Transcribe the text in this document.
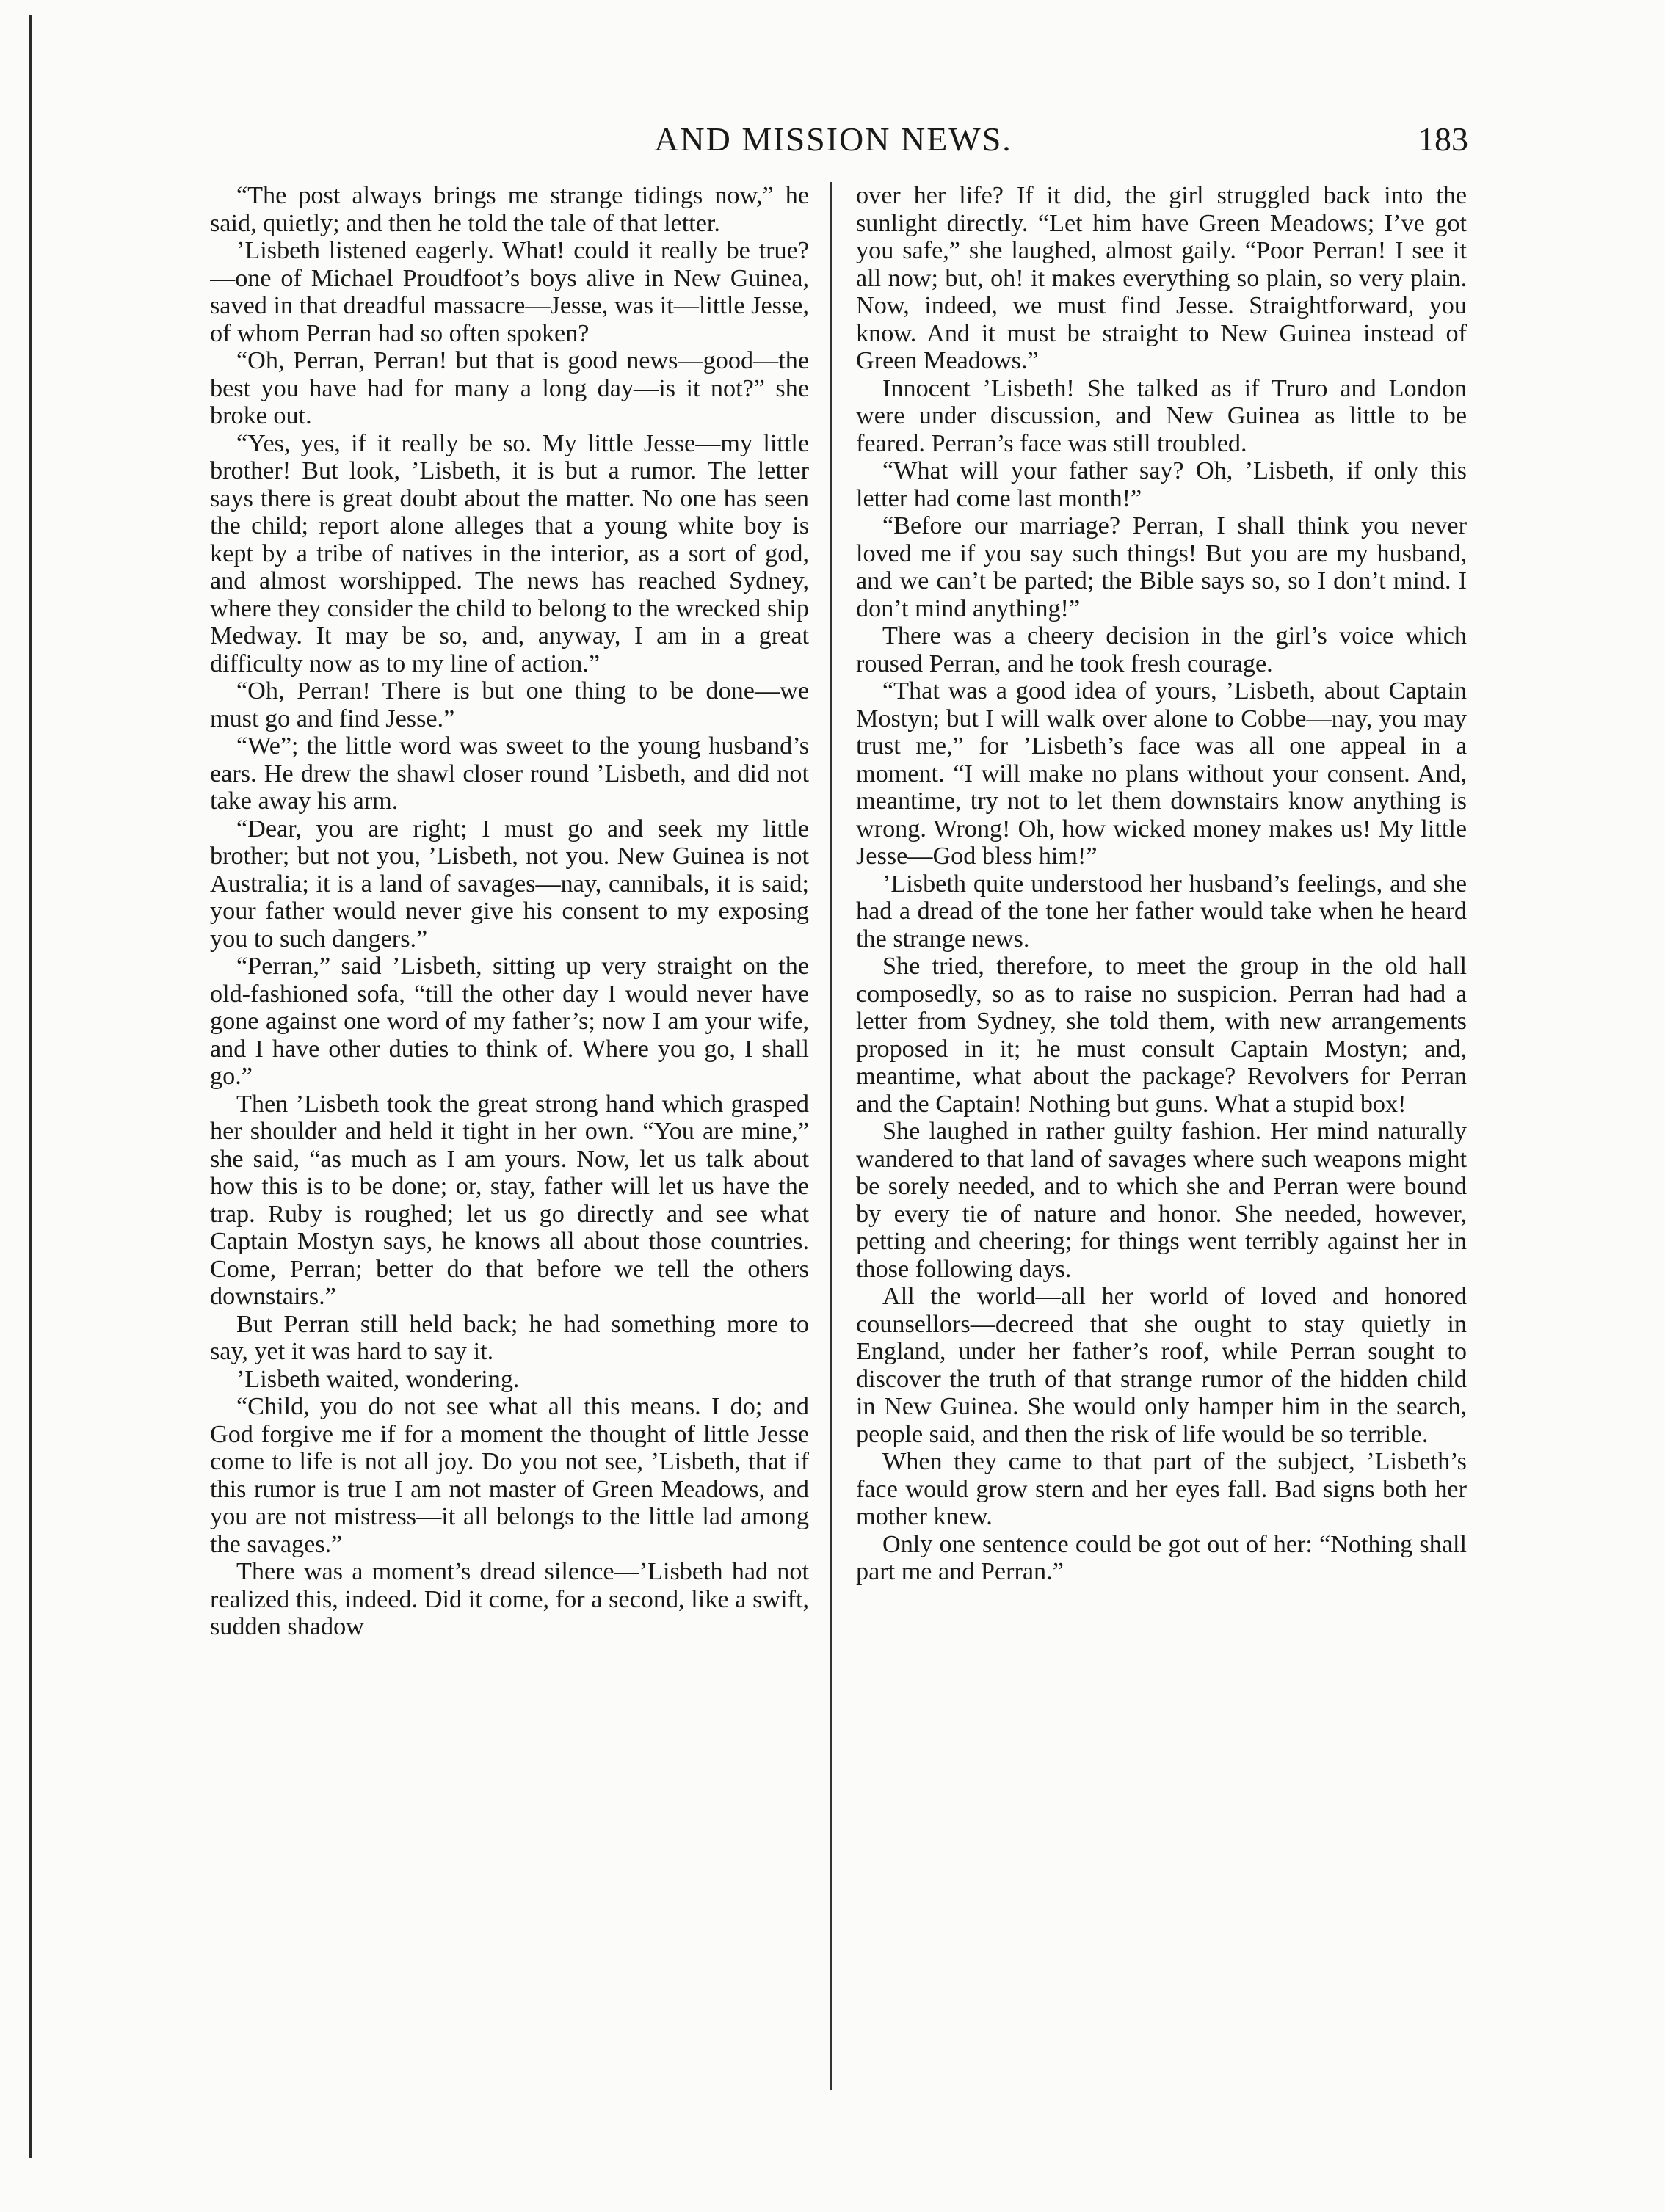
AND MISSION NEWS.	183

“The post always brings me strange tidings now,” he said, quietly; and then he told the tale of that letter.

’Lisbeth listened eagerly. What! could it really be true?—one of Michael Proudfoot’s boys alive in New Guinea, saved in that dreadful massacre—Jesse, was it—little Jesse, of whom Perran had so often spoken?

“Oh, Perran, Perran! but that is good news—good—the best you have had for many a long day—is it not?” she broke out.

“Yes, yes, if it really be so. My little Jesse—my little brother! But look, ’Lisbeth, it is but a rumor. The letter says there is great doubt about the matter. No one has seen the child; report alone alleges that a young white boy is kept by a tribe of natives in the interior, as a sort of god, and almost worshipped. The news has reached Sydney, where they consider the child to belong to the wrecked ship Medway. It may be so, and, anyway, I am in a great difficulty now as to my line of action.”

“Oh, Perran! There is but one thing to be done—we must go and find Jesse.”

“We”; the little word was sweet to the young husband’s ears. He drew the shawl closer round ’Lisbeth, and did not take away his arm.

“Dear, you are right; I must go and seek my little brother; but not you, ’Lisbeth, not you. New Guinea is not Australia; it is a land of savages—nay, cannibals, it is said; your father would never give his consent to my exposing you to such dangers.”

“Perran,” said ’Lisbeth, sitting up very straight on the old-fashioned sofa, “till the other day I would never have gone against one word of my father’s; now I am your wife, and I have other duties to think of. Where you go, I shall go.”

Then ’Lisbeth took the great strong hand which grasped her shoulder and held it tight in her own. “You are mine,” she said, “as much as I am yours. Now, let us talk about how this is to be done; or, stay, father will let us have the trap. Ruby is roughed; let us go directly and see what Captain Mostyn says, he knows all about those countries. Come, Perran; better do that before we tell the others downstairs.”

But Perran still held back; he had something more to say, yet it was hard to say it.

’Lisbeth waited, wondering.

“Child, you do not see what all this means. I do; and God forgive me if for a moment the thought of little Jesse come to life is not all joy. Do you not see, ’Lisbeth, that if this rumor is true I am not master of Green Meadows, and you are not mistress—it all belongs to the little lad among the savages.”

There was a moment’s dread silence—’Lisbeth had not realized this, indeed. Did it come, for a second, like a swift, sudden shadow

over her life? If it did, the girl struggled back into the sunlight directly. “Let him have Green Meadows; I’ve got you safe,” she laughed, almost gaily. “Poor Perran! I see it all now; but, oh! it makes everything so plain, so very plain. Now, indeed, we must find Jesse. Straightforward, you know. And it must be straight to New Guinea instead of Green Meadows.”

Innocent ’Lisbeth! She talked as if Truro and London were under discussion, and New Guinea as little to be feared. Perran’s face was still troubled.

“What will your father say? Oh, ’Lisbeth, if only this letter had come last month!”

“Before our marriage? Perran, I shall think you never loved me if you say such things! But you are my husband, and we can’t be parted; the Bible says so, so I don’t mind. I don’t mind anything!”

There was a cheery decision in the girl’s voice which roused Perran, and he took fresh courage.

“That was a good idea of yours, ’Lisbeth, about Captain Mostyn; but I will walk over alone to Cobbe—nay, you may trust me,” for ’Lisbeth’s face was all one appeal in a moment. “I will make no plans without your consent. And, meantime, try not to let them downstairs know anything is wrong. Wrong! Oh, how wicked money makes us! My little Jesse—God bless him!”

’Lisbeth quite understood her husband’s feelings, and she had a dread of the tone her father would take when he heard the strange news.

She tried, therefore, to meet the group in the old hall composedly, so as to raise no suspicion. Perran had had a letter from Sydney, she told them, with new arrangements proposed in it; he must consult Captain Mostyn; and, meantime, what about the package? Revolvers for Perran and the Captain! Nothing but guns. What a stupid box!

She laughed in rather guilty fashion. Her mind naturally wandered to that land of savages where such weapons might be sorely needed, and to which she and Perran were bound by every tie of nature and honor. She needed, however, petting and cheering; for things went terribly against her in those following days.

All the world—all her world of loved and honored counsellors—decreed that she ought to stay quietly in England, under her father’s roof, while Perran sought to discover the truth of that strange rumor of the hidden child in New Guinea. She would only hamper him in the search, people said, and then the risk of life would be so terrible.

When they came to that part of the subject, ’Lisbeth’s face would grow stern and her eyes fall. Bad signs both her mother knew.

Only one sentence could be got out of her: “Nothing shall part me and Perran.”
